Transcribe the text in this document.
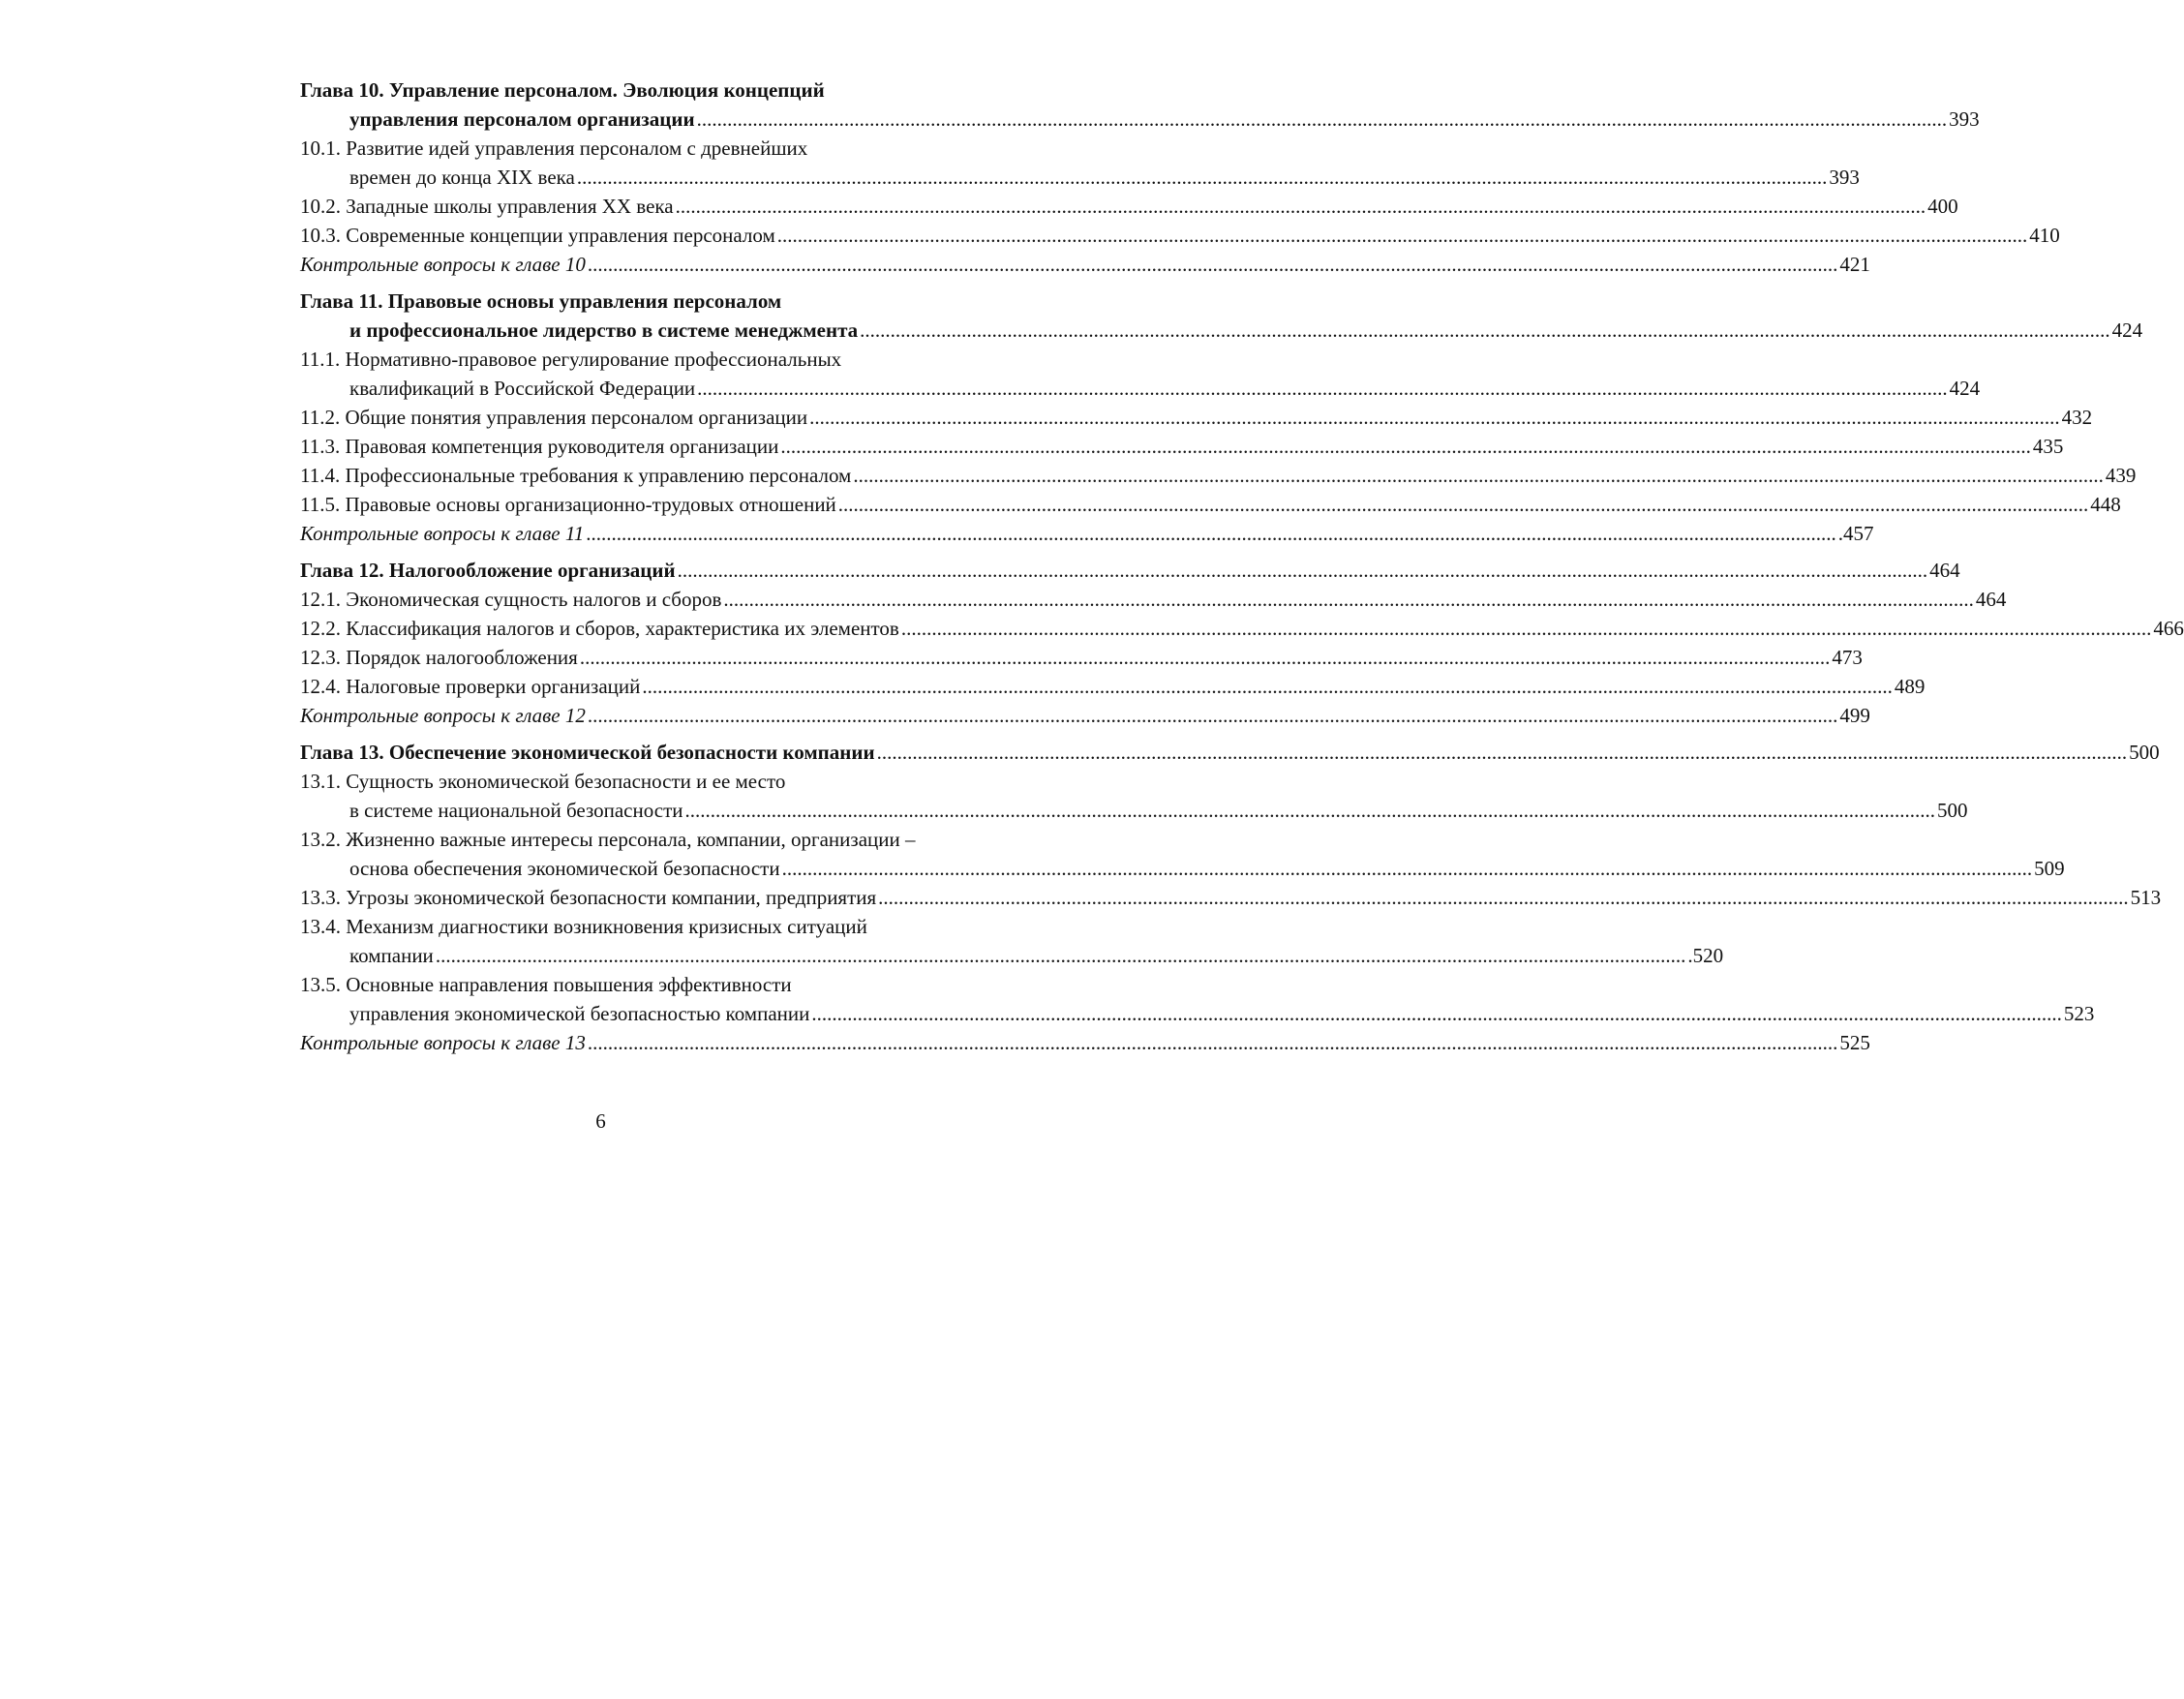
Глава 10. Управление персоналом. Эволюция концепций
управления персоналом организации .....	393
10.1. Развитие идей управления персоналом с древнейших
времен до конца XIX века .....	393
10.2. Западные школы управления XX века .....	400
10.3. Современные концепции управления персоналом .....	410
Контрольные вопросы к главе 10 .....	421
Глава 11. Правовые основы управления персоналом
и профессиональное лидерство в системе менеджмента .....	424
11.1. Нормативно-правовое регулирование профессиональных
квалификаций в Российской Федерации .....	424
11.2. Общие понятия управления персоналом организации .....	432
11.3. Правовая компетенция руководителя организации .....	435
11.4. Профессиональные требования к управлению персоналом .....	439
11.5. Правовые основы организационно-трудовых отношений .....	448
Контрольные вопросы к главе 11 .....	.457
Глава 12. Налогообложение организаций .....	464
12.1. Экономическая сущность налогов и сборов .....	464
12.2. Классификация налогов и сборов, характеристика их элементов .....	466
12.3. Порядок налогообложения .....	473
12.4. Налоговые проверки организаций .....	489
Контрольные вопросы к главе 12 .....	499
Глава 13. Обеспечение экономической безопасности компании .....	500
13.1. Сущность экономической безопасности и ее место
в системе национальной безопасности .....	500
13.2. Жизненно важные интересы персонала, компании, организации –
основа обеспечения экономической безопасности .....	509
13.3. Угрозы экономической безопасности компании, предприятия .....	513
13.4. Механизм диагностики возникновения кризисных ситуаций
компании .....	.520
13.5. Основные направления повышения эффективности
управления экономической безопасностью компании .....	523
Контрольные вопросы к главе 13 .....	525
6
